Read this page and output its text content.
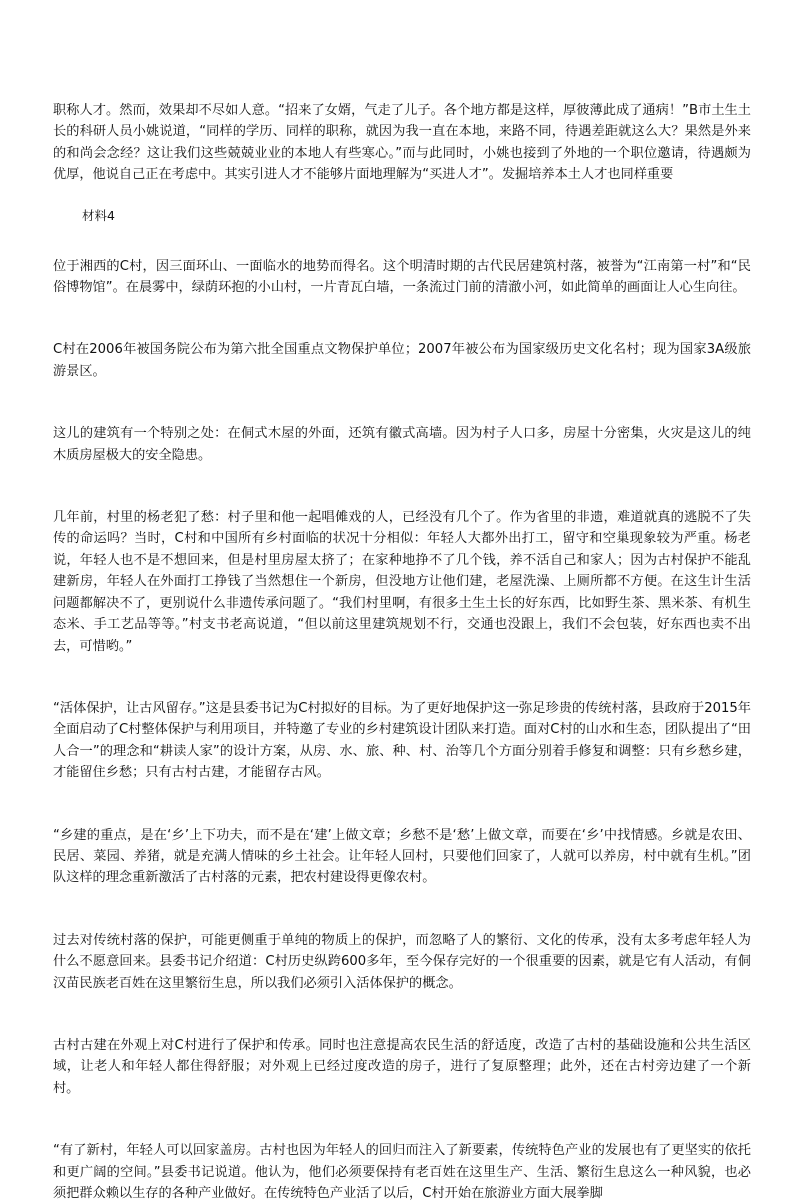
职称人才。然而，效果却不尽如人意。“招来了女婿，气走了儿子。各个地方都是这样，厚彼薄此成了通病！”B市土生土长的科研人员小姚说道，“同样的学历、同样的职称，就因为我一直在本地，来路不同，待遇差距就这么大？果然是外来的和尚会念经？这让我们这些兢兢业业的本地人有些寒心。”而与此同时，小姚也接到了外地的一个职位邀请，待遇颇为优厚，他说自己正在考虑中。其实引进人才不能够片面地理解为“买进人才”。发掘培养本土人才也同样重要

材料4

位于湘西的C村，因三面环山、一面临水的地势而得名。这个明清时期的古代民居建筑村落，被誉为“江南第一村”和“民俗博物馆”。在晨雾中，绿荫环抱的小山村，一片青瓦白墙，一条流过门前的清澈小河，如此简单的画面让人心生向往。

C村在2006年被国务院公布为第六批全国重点文物保护单位；2007年被公布为国家级历史文化名村；现为国家3A级旅游景区。

这儿的建筑有一个特别之处：在侗式木屋的外面，还筑有徽式高墙。因为村子人口多，房屋十分密集，火灾是这儿的纯木质房屋极大的安全隐患。

几年前，村里的杨老犯了愁：村子里和他一起唱傩戏的人，已经没有几个了。作为省里的非遗，难道就真的逃脱不了失传的命运吗？当时，C村和中国所有乡村面临的状况十分相似：年轻人大都外出打工，留守和空巢现象较为严重。杨老说，年轻人也不是不想回来，但是村里房屋太挤了；在家种地挣不了几个钱，养不活自己和家人；因为古村保护不能乱建新房，年轻人在外面打工挣钱了当然想住一个新房，但没地方让他们建，老屋洗澡、上厕所都不方便。在这生计生活问题都解决不了，更别说什么非遗传承问题了。“我们村里啊，有很多土生土长的好东西，比如野生茶、黑米茶、有机生态米、手工艺品等等。”村支书老高说道，“但以前这里建筑规划不行，交通也没跟上，我们不会包装，好东西也卖不出去，可惜哟。”

“活体保护，让古风留存。”这是县委书记为C村拟好的目标。为了更好地保护这一弥足珍贵的传统村落，县政府于2015年全面启动了C村整体保护与利用项目，并特邀了专业的乡村建筑设计团队来打造。面对C村的山水和生态，团队提出了“田人合一”的理念和“耕读人家”的设计方案，从房、水、旅、种、村、治等几个方面分别着手修复和调整：只有乡愁乡建，才能留住乡愁；只有古村古建，才能留存古风。

“乡建的重点，是在‘乡’上下功夫，而不是在‘建’上做文章；乡愁不是‘愁’上做文章，而要在‘乡’中找情感。乡就是农田、民居、菜园、养猪，就是充满人情味的乡土社会。让年轻人回村，只要他们回家了，人就可以养房，村中就有生机。”团队这样的理念重新激活了古村落的元素，把农村建设得更像农村。

过去对传统村落的保护，可能更侧重于单纯的物质上的保护，而忽略了人的繁衍、文化的传承，没有太多考虑年轻人为什么不愿意回来。县委书记介绍道：C村历史纵跨600多年，至今保存完好的一个很重要的因素，就是它有人活动，有侗汉苗民族老百姓在这里繁衍生息，所以我们必须引入活体保护的概念。

古村古建在外观上对C村进行了保护和传承。同时也注意提高农民生活的舒适度，改造了古村的基础设施和公共生活区域，让老人和年轻人都住得舒服；对外观上已经过度改造的房子，进行了复原整理；此外，还在古村旁边建了一个新村。

“有了新村，年轻人可以回家盖房。古村也因为年轻人的回归而注入了新要素，传统特色产业的发展也有了更坚实的依托和更广阔的空间。”县委书记说道。他认为，他们必须要保持有老百姓在这里生产、生活、繁衍生息这么一种风貌，也必须把群众赖以生存的各种产业做好。在传统特色产业活了以后，C村开始在旅游业方面大展拳脚
